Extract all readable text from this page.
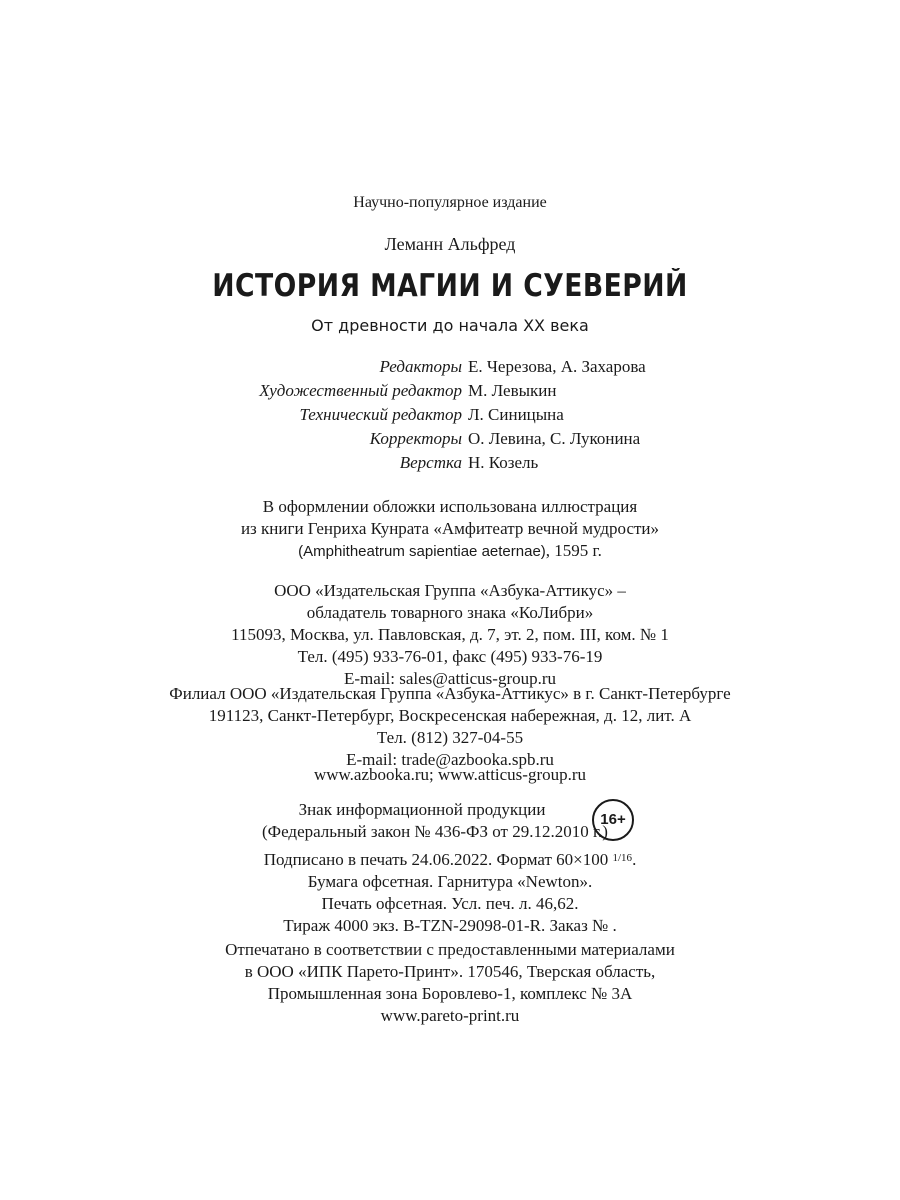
Научно-популярное издание
Леманн Альфред
ИСТОРИЯ МАГИИ И СУЕВЕРИЙ
От древности до начала XX века
Редакторы Е. Черезова, А. Захарова
Художественный редактор М. Левыкин
Технический редактор Л. Синицына
Корректоры О. Левина, С. Луконина
Верстка Н. Козель
В оформлении обложки использована иллюстрация
из книги Генриха Кунрата «Амфитеатр вечной мудрости»
(Amphitheatrum sapientiae aeternae), 1595 г.
ООО «Издательская Группа «Азбука-Аттикус» –
обладатель товарного знака «КоЛибри»
115093, Москва, ул. Павловская, д. 7, эт. 2, пом. III, ком. № 1
Тел. (495) 933-76-01, факс (495) 933-76-19
E-mail: sales@atticus-group.ru
Филиал ООО «Издательская Группа «Азбука-Аттикус» в г. Санкт-Петербурге
191123, Санкт-Петербург, Воскресенская набережная, д. 12, лит. А
Тел. (812) 327-04-55
E-mail: trade@azbooka.spb.ru
www.azbooka.ru; www.atticus-group.ru
Знак информационной продукции
(Федеральный закон № 436-ФЗ от 29.12.2010 г.)
16+
Подписано в печать 24.06.2022. Формат 60×100 $^{1/16}$.
Бумага офсетная. Гарнитура «Newton».
Печать офсетная. Усл. печ. л. 46,62.
Тираж 4000 экз. B-TZN-29098-01-R. Заказ № .
Отпечатано в соответствии с предоставленными материалами
в ООО «ИПК Парето-Принт». 170546, Тверская область,
Промышленная зона Боровлево-1, комплекс № 3А
www.pareto-print.ru
